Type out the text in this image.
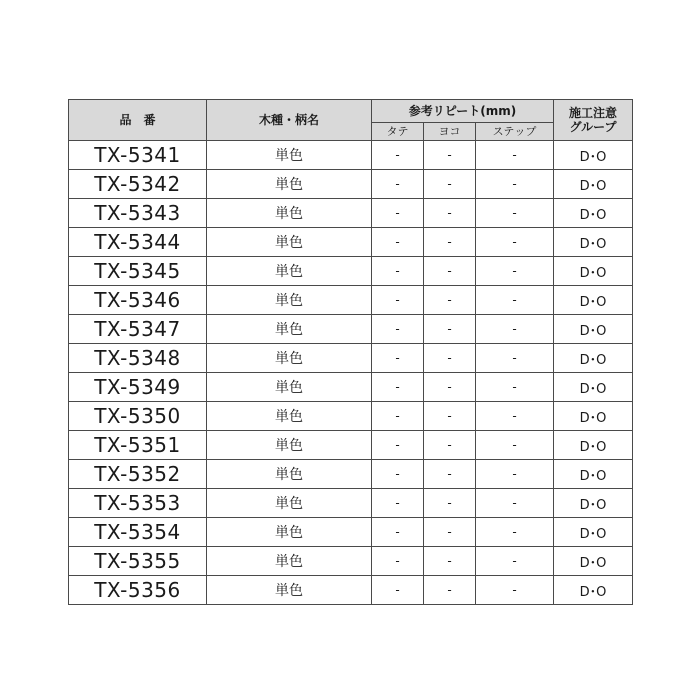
品　番	木種・柄名	参考リピート(mm)			施工注意
グループ

		タテ	ヨコ	ステップ	
TX-5341	単色	-	-	-	D･O
TX-5342	単色	-	-	-	D･O
TX-5343	単色	-	-	-	D･O
TX-5344	単色	-	-	-	D･O
TX-5345	単色	-	-	-	D･O
TX-5346	単色	-	-	-	D･O
TX-5347	単色	-	-	-	D･O
TX-5348	単色	-	-	-	D･O
TX-5349	単色	-	-	-	D･O
TX-5350	単色	-	-	-	D･O
TX-5351	単色	-	-	-	D･O
TX-5352	単色	-	-	-	D･O
TX-5353	単色	-	-	-	D･O
TX-5354	単色	-	-	-	D･O
TX-5355	単色	-	-	-	D･O
TX-5356	単色	-	-	-	D･O
